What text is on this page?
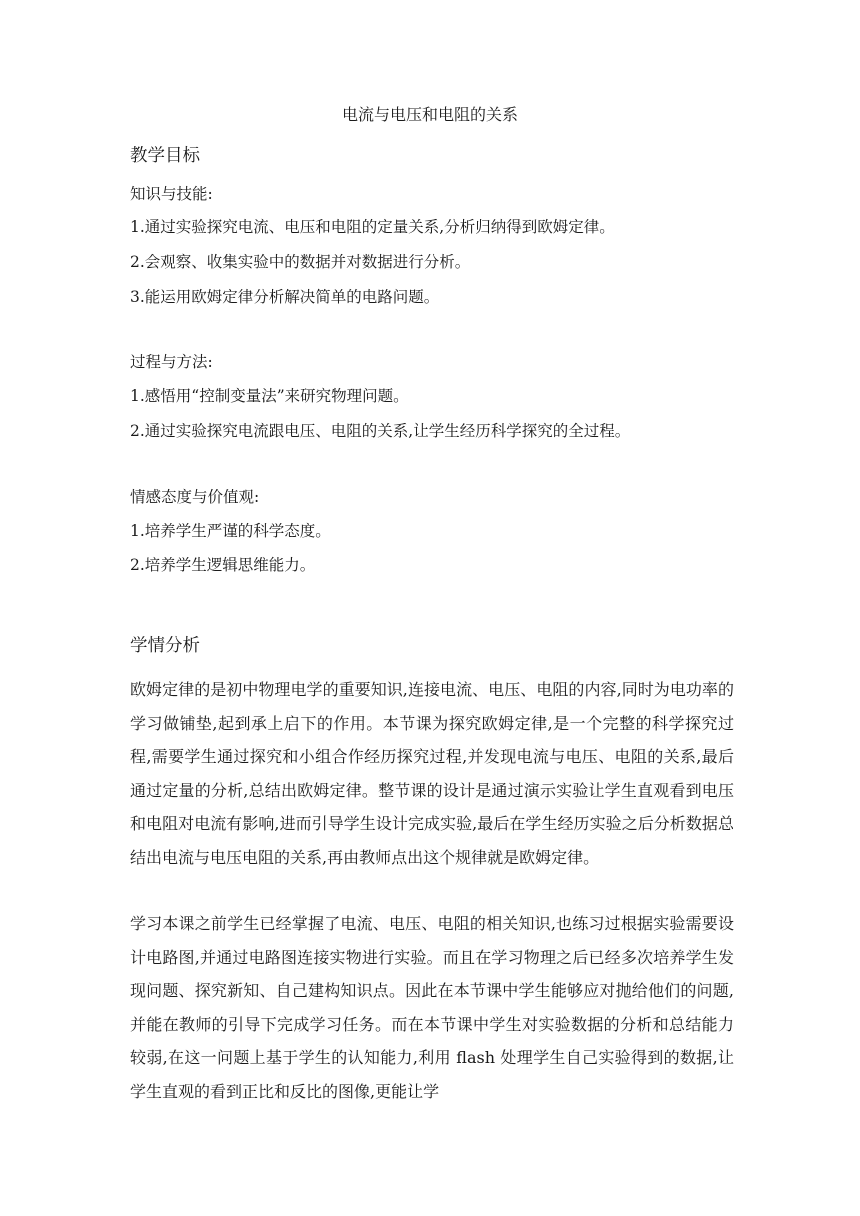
电流与电压和电阻的关系
教学目标
知识与技能:
1.通过实验探究电流、电压和电阻的定量关系,分析归纳得到欧姆定律。
2.会观察、收集实验中的数据并对数据进行分析。
3.能运用欧姆定律分析解决简单的电路问题。
过程与方法:
1.感悟用“控制变量法”来研究物理问题。
2.通过实验探究电流跟电压、电阻的关系,让学生经历科学探究的全过程。
情感态度与价值观:
1.培养学生严谨的科学态度。
2.培养学生逻辑思维能力。
学情分析
欧姆定律的是初中物理电学的重要知识,连接电流、电压、电阻的内容,同时为电功率的学习做铺垫,起到承上启下的作用。本节课为探究欧姆定律,是一个完整的科学探究过程,需要学生通过探究和小组合作经历探究过程,并发现电流与电压、电阻的关系,最后通过定量的分析,总结出欧姆定律。整节课的设计是通过演示实验让学生直观看到电压和电阻对电流有影响,进而引导学生设计完成实验,最后在学生经历实验之后分析数据总结出电流与电压电阻的关系,再由教师点出这个规律就是欧姆定律。
学习本课之前学生已经掌握了电流、电压、电阻的相关知识,也练习过根据实验需要设计电路图,并通过电路图连接实物进行实验。而且在学习物理之后已经多次培养学生发现问题、探究新知、自己建构知识点。因此在本节课中学生能够应对抛给他们的问题,并能在教师的引导下完成学习任务。而在本节课中学生对实验数据的分析和总结能力较弱,在这一问题上基于学生的认知能力,利用 flash 处理学生自己实验得到的数据,让学生直观的看到正比和反比的图像,更能让学
